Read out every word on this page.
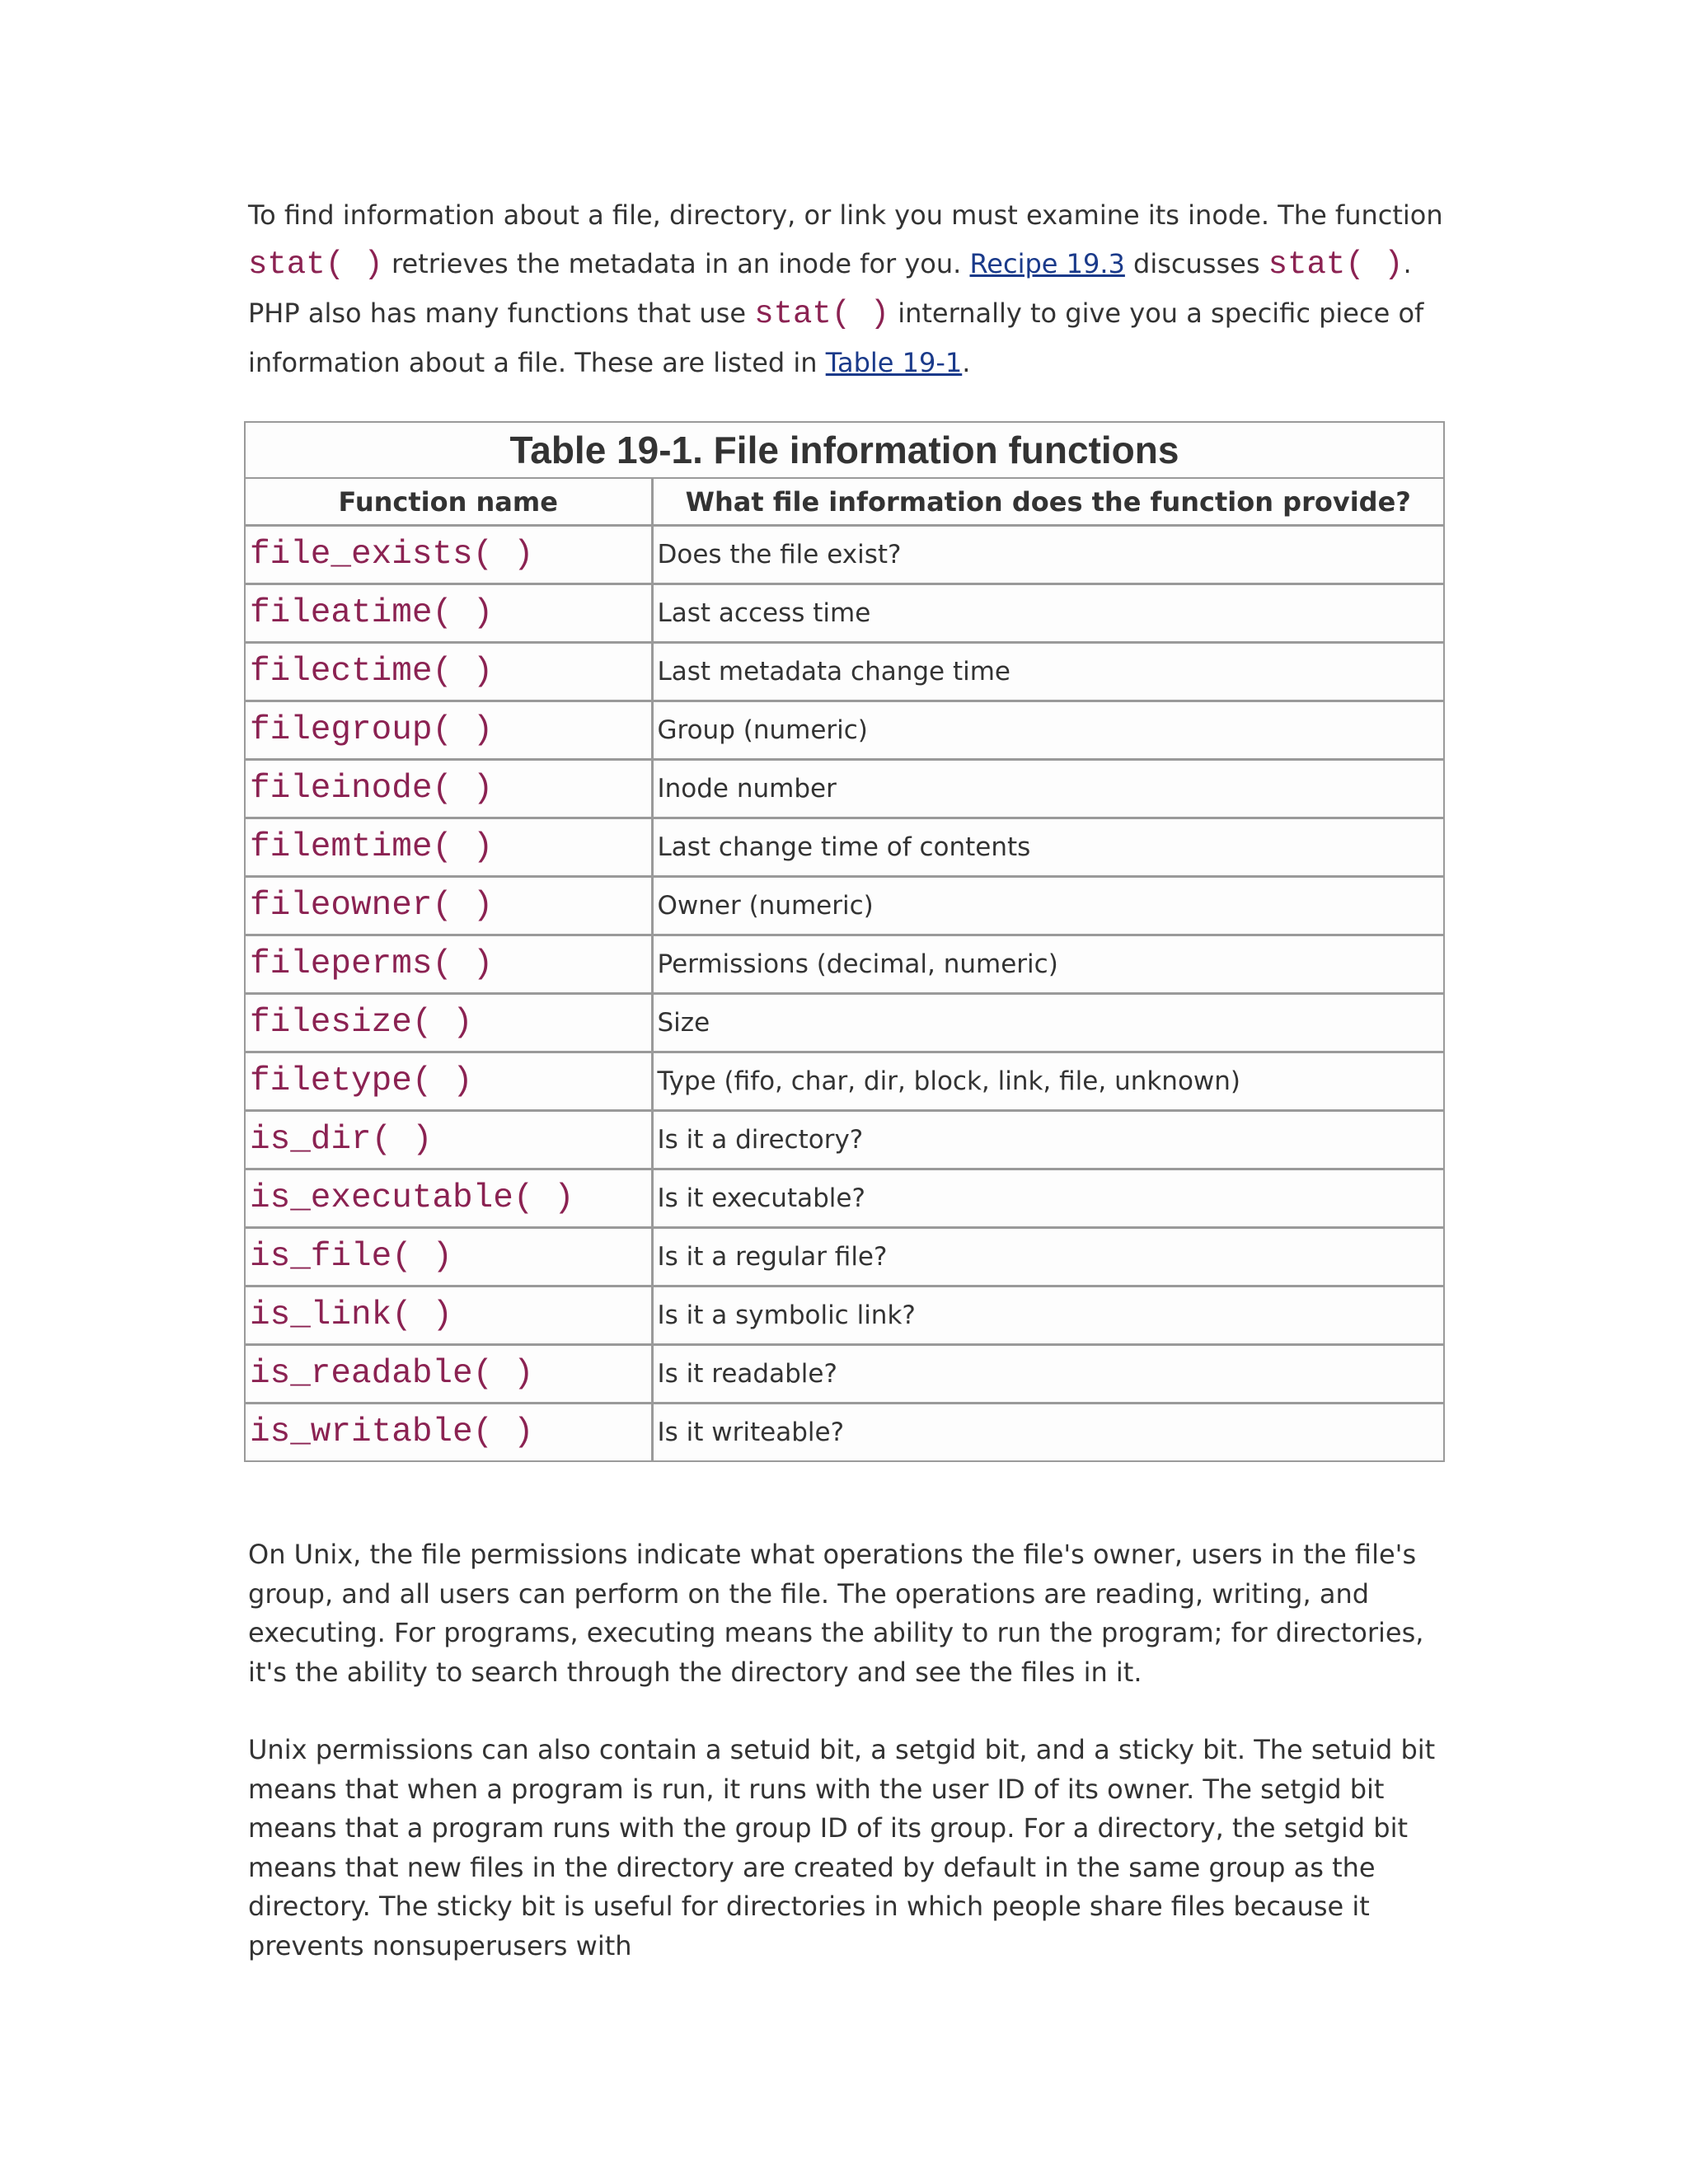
To find information about a file, directory, or link you must examine its inode. The function stat( ) retrieves the metadata in an inode for you. Recipe 19.3 discusses stat( ). PHP also has many functions that use stat( ) internally to give you a specific piece of information about a file. These are listed in Table 19-1.

Table 19-1. File information functions
Function name	What file information does the function provide?
file_exists( )	Does the file exist?
fileatime( )	Last access time
filectime( )	Last metadata change time
filegroup( )	Group (numeric)
fileinode( )	Inode number
filemtime( )	Last change time of contents
fileowner( )	Owner (numeric)
fileperms( )	Permissions (decimal, numeric)
filesize( )	Size
filetype( )	Type (fifo, char, dir, block, link, file, unknown)
is_dir( )	Is it a directory?
is_executable( )	Is it executable?
is_file( )	Is it a regular file?
is_link( )	Is it a symbolic link?
is_readable( )	Is it readable?
is_writable( )	Is it writeable?

On Unix, the file permissions indicate what operations the file's owner, users in the file's group, and all users can perform on the file. The operations are reading, writing, and executing. For programs, executing means the ability to run the program; for directories, it's the ability to search through the directory and see the files in it.

Unix permissions can also contain a setuid bit, a setgid bit, and a sticky bit. The setuid bit means that when a program is run, it runs with the user ID of its owner. The setgid bit means that a program runs with the group ID of its group. For a directory, the setgid bit means that new files in the directory are created by default in the same group as the directory. The sticky bit is useful for directories in which people share files because it prevents nonsuperusers with
